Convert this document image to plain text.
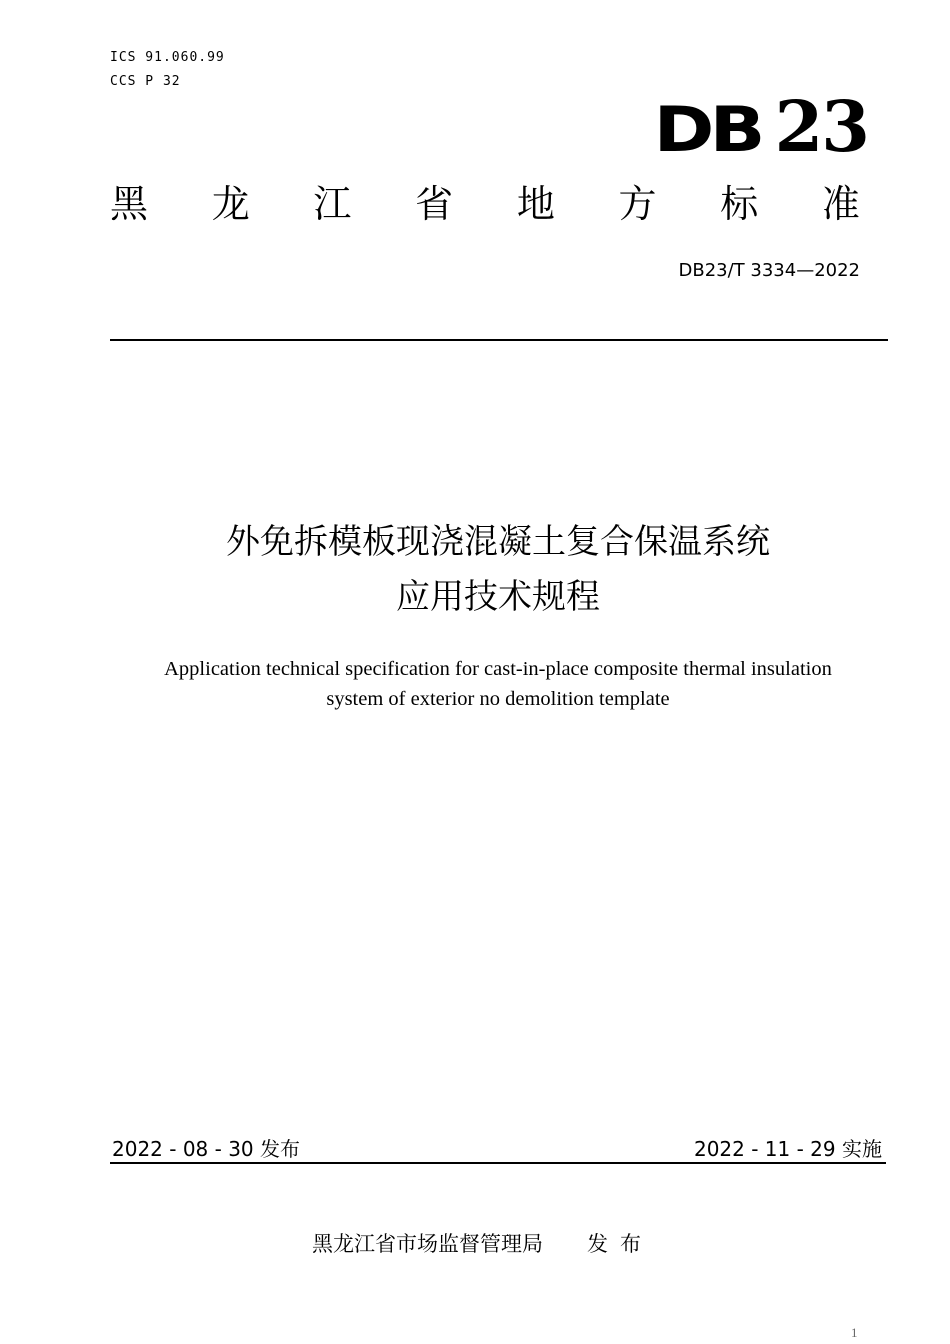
ICS 91.060.99
CCS P 32
DB 23
黑 龙 江 省 地 方 标 准
DB23/T 3334—2022
外免拆模板现浇混凝土复合保温系统
应用技术规程
Application technical specification for cast-in-place composite thermal insulation
system of exterior no demolition template
2022 - 08 - 30 发布	2022 - 11 - 29 实施
黑龙江省市场监督管理局 发布
1
